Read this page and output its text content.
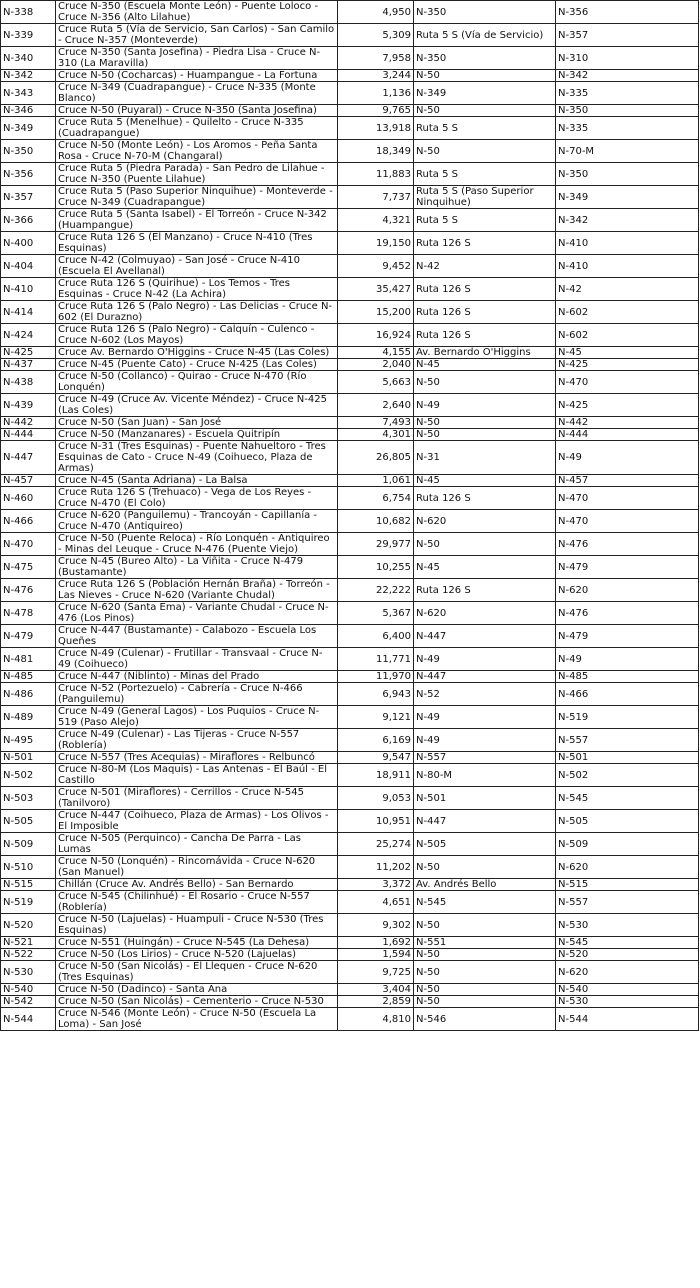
N-338	Cruce N-350 (Escuela Monte León) - Puente Loloco - Cruce N-356 (Alto Lilahue)	4,950	N-350	N-356
N-339	Cruce Ruta 5 (Vía de Servicio, San Carlos) - San Camilo - Cruce N-357 (Monteverde)	5,309	Ruta 5 S (Vía de Servicio)	N-357
N-340	Cruce N-350 (Santa Josefina) - Piedra Lisa - Cruce N-310 (La Maravilla)	7,958	N-350	N-310
N-342	Cruce N-50 (Cocharcas) - Huampangue - La Fortuna	3,244	N-50	N-342
N-343	Cruce N-349 (Cuadrapangue) - Cruce N-335 (Monte Blanco)	1,136	N-349	N-335
N-346	Cruce N-50 (Puyaral) - Cruce N-350 (Santa Josefina)	9,765	N-50	N-350
N-349	Cruce Ruta 5 (Menelhue) - Quilelto - Cruce N-335 (Cuadrapangue)	13,918	Ruta 5 S	N-335
N-350	Cruce N-50 (Monte León) - Los Aromos - Peña Santa Rosa - Cruce N-70-M (Changaral)	18,349	N-50	N-70-M
N-356	Cruce Ruta 5 (Piedra Parada) - San Pedro de Lilahue - Cruce N-350 (Puente Lilahue)	11,883	Ruta 5 S	N-350
N-357	Cruce Ruta 5 (Paso Superior Ninquihue) - Monteverde - Cruce N-349 (Cuadrapangue)	7,737	Ruta 5 S (Paso Superior Ninquihue)	N-349
N-366	Cruce Ruta 5 (Santa Isabel) - El Torreón - Cruce N-342 (Huampangue)	4,321	Ruta 5 S	N-342
N-400	Cruce Ruta 126 S (El Manzano) - Cruce N-410 (Tres Esquinas)	19,150	Ruta 126 S	N-410
N-404	Cruce N-42 (Colmuyao) - San José - Cruce N-410 (Escuela El Avellanal)	9,452	N-42	N-410
N-410	Cruce Ruta 126 S (Quirihue) - Los Temos - Tres Esquinas - Cruce N-42 (La Achira)	35,427	Ruta 126 S	N-42
N-414	Cruce Ruta 126 S (Palo Negro) - Las Delicias - Cruce N-602 (El Durazno)	15,200	Ruta 126 S	N-602
N-424	Cruce Ruta 126 S (Palo Negro) - Calquín - Culenco - Cruce N-602 (Los Mayos)	16,924	Ruta 126 S	N-602
N-425	Cruce Av. Bernardo O'Higgins - Cruce N-45 (Las Coles)	4,155	Av. Bernardo O'Higgins	N-45
N-437	Cruce N-45 (Puente Cato) - Cruce N-425 (Las Coles)	2,040	N-45	N-425
N-438	Cruce N-50 (Collanco) - Quirao - Cruce N-470 (Río Lonquén)	5,663	N-50	N-470
N-439	Cruce N-49 (Cruce Av. Vicente Méndez) - Cruce N-425 (Las Coles)	2,640	N-49	N-425
N-442	Cruce N-50 (San Juan) - San José	7,493	N-50	N-442
N-444	Cruce N-50 (Manzanares) - Escuela Quitripín	4,301	N-50	N-444
N-447	Cruce N-31 (Tres Esquinas) - Puente Nahueltoro - Tres Esquinas de Cato - Cruce N-49 (Coihueco, Plaza de Armas)	26,805	N-31	N-49
N-457	Cruce N-45 (Santa Adriana) - La Balsa	1,061	N-45	N-457
N-460	Cruce Ruta 126 S (Trehuaco) - Vega de Los Reyes - Cruce N-470 (El Colo)	6,754	Ruta 126 S	N-470
N-466	Cruce N-620 (Panguilemu) - Trancoyán - Capillanía - Cruce N-470 (Antiquireo)	10,682	N-620	N-470
N-470	Cruce N-50 (Puente Reloca) - Río Lonquén - Antiquireo - Minas del Leuque - Cruce N-476 (Puente Viejo)	29,977	N-50	N-476
N-475	Cruce N-45 (Bureo Alto) - La Viñita - Cruce N-479 (Bustamante)	10,255	N-45	N-479
N-476	Cruce Ruta 126 S (Población Hernán Braña) - Torreón - Las Nieves - Cruce N-620 (Variante Chudal)	22,222	Ruta 126 S	N-620
N-478	Cruce N-620 (Santa Ema) - Variante Chudal - Cruce N-476 (Los Pinos)	5,367	N-620	N-476
N-479	Cruce N-447 (Bustamante) - Calabozo - Escuela Los Queñes	6,400	N-447	N-479
N-481	Cruce N-49 (Culenar) - Frutillar - Transvaal - Cruce N-49 (Coihueco)	11,771	N-49	N-49
N-485	Cruce N-447 (Niblinto) - Minas del Prado	11,970	N-447	N-485
N-486	Cruce N-52 (Portezuelo) - Cabrería - Cruce N-466 (Panguilemu)	6,943	N-52	N-466
N-489	Cruce N-49 (General Lagos) - Los Puquios - Cruce N-519 (Paso Alejo)	9,121	N-49	N-519
N-495	Cruce N-49 (Culenar) - Las Tijeras - Cruce N-557 (Roblería)	6,169	N-49	N-557
N-501	Cruce N-557 (Tres Acequias) - Miraflores - Relbuncó	9,547	N-557	N-501
N-502	Cruce N-80-M (Los Maquis) - Las Antenas - El Baúl - El Castillo	18,911	N-80-M	N-502
N-503	Cruce N-501 (Miraflores) - Cerrillos - Cruce N-545 (Tanilvoro)	9,053	N-501	N-545
N-505	Cruce N-447 (Coihueco, Plaza de Armas) - Los Olivos - El Imposible	10,951	N-447	N-505
N-509	Cruce N-505 (Perquinco) - Cancha De Parra - Las Lumas	25,274	N-505	N-509
N-510	Cruce N-50 (Lonquén) - Rincomávida - Cruce N-620 (San Manuel)	11,202	N-50	N-620
N-515	Chillán (Cruce Av. Andrés Bello) - San Bernardo	3,372	Av. Andrés Bello	N-515
N-519	Cruce N-545 (Chilinhué) - El Rosario - Cruce N-557 (Roblería)	4,651	N-545	N-557
N-520	Cruce N-50 (Lajuelas) - Huampuli - Cruce N-530 (Tres Esquinas)	9,302	N-50	N-530
N-521	Cruce N-551 (Huingán) - Cruce N-545 (La Dehesa)	1,692	N-551	N-545
N-522	Cruce N-50 (Los Lirios) - Cruce N-520 (Lajuelas)	1,594	N-50	N-520
N-530	Cruce N-50 (San Nicolás) - El Llequen - Cruce N-620 (Tres Esquinas)	9,725	N-50	N-620
N-540	Cruce N-50 (Dadinco) - Santa Ana	3,404	N-50	N-540
N-542	Cruce N-50 (San Nicolás) - Cementerio - Cruce N-530	2,859	N-50	N-530
N-544	Cruce N-546 (Monte León) - Cruce N-50 (Escuela La Loma) - San José	4,810	N-546	N-544
